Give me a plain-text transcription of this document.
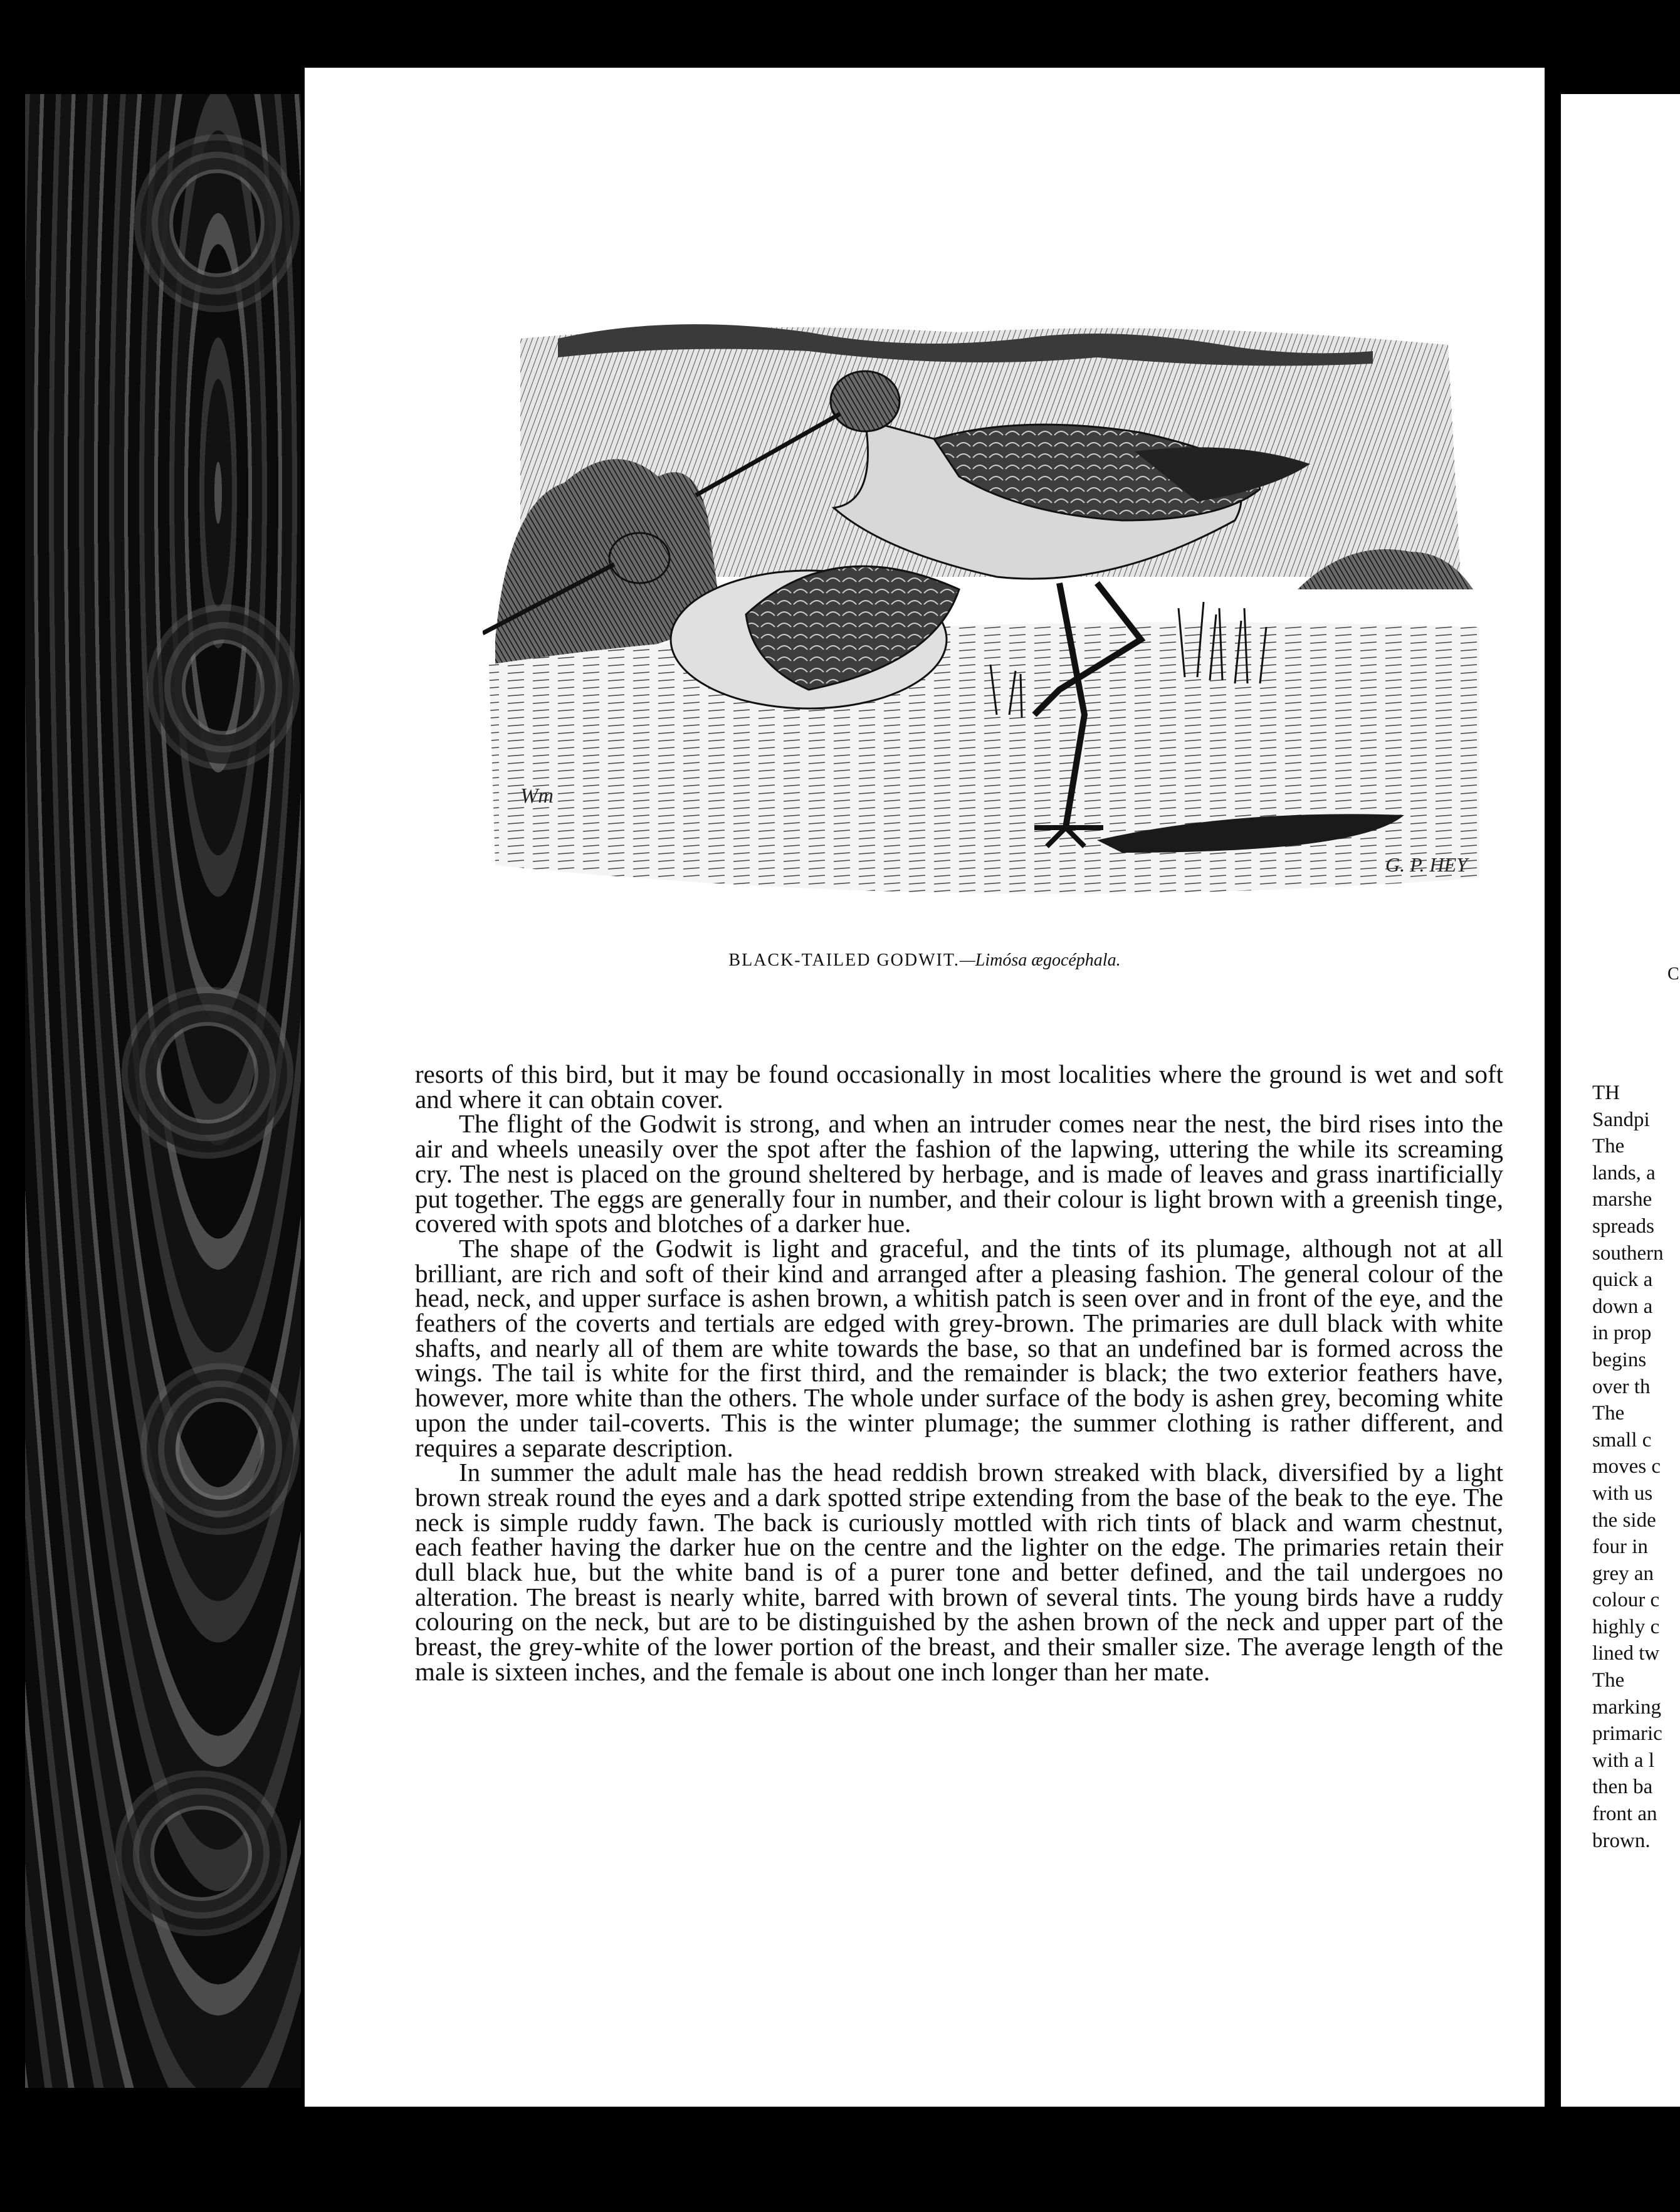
Wm
G. P. HEY
BLACK-TAILED GODWIT.—Limósa ægocéphala.

resorts of this bird, but it may be found occasionally in most localities where the ground is wet and soft and where it can obtain cover.

The flight of the Godwit is strong, and when an intruder comes near the nest, the bird rises into the air and wheels uneasily over the spot after the fashion of the lapwing, uttering the while its screaming cry. The nest is placed on the ground sheltered by herbage, and is made of leaves and grass inartificially put together. The eggs are generally four in number, and their colour is light brown with a greenish tinge, covered with spots and blotches of a darker hue.

The shape of the Godwit is light and graceful, and the tints of its plumage, although not at all brilliant, are rich and soft of their kind and arranged after a pleasing fashion. The general colour of the head, neck, and upper surface is ashen brown, a whitish patch is seen over and in front of the eye, and the feathers of the coverts and tertials are edged with grey-brown. The primaries are dull black with white shafts, and nearly all of them are white towards the base, so that an undefined bar is formed across the wings. The tail is white for the first third, and the remainder is black; the two exterior feathers have, however, more white than the others. The whole under surface of the body is ashen grey, becoming white upon the under tail-coverts. This is the winter plumage; the summer clothing is rather different, and requires a separate description.

In summer the adult male has the head reddish brown streaked with black, diversified by a light brown streak round the eyes and a dark spotted stripe extending from the base of the beak to the eye. The neck is simple ruddy fawn. The back is curiously mottled with rich tints of black and warm chestnut, each feather having the darker hue on the centre and the lighter on the edge. The primaries retain their dull black hue, but the white band is of a purer tone and better defined, and the tail undergoes no alteration. The breast is nearly white, barred with brown of several tints. The young birds have a ruddy colouring on the neck, but are to be distinguished by the ashen brown of the neck and upper part of the breast, the grey-white of the lower portion of the breast, and their smaller size. The average length of the male is sixteen inches, and the female is about one inch longer than her mate.

C
TH
Sandpi
The
lands, a
marshe
spreads
southern
quick a
down a
in prop
begins
over th
The
small c
moves c
with us
the side
four in
grey an
colour c
highly c
lined tw
The
marking
primaric
with a l
then ba
front an
brown.
